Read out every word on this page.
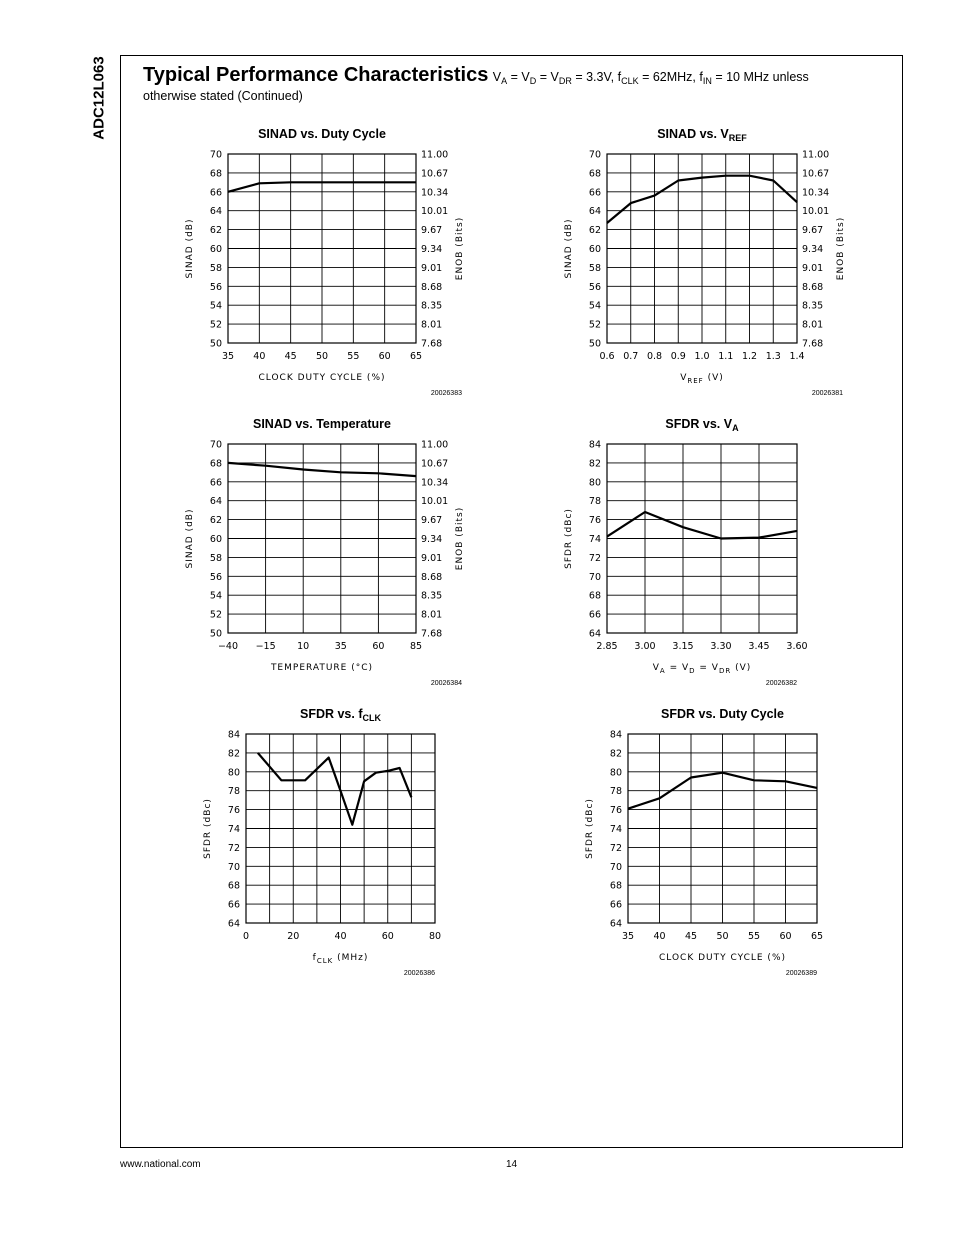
ADC12L063 Typical Performance Characteristics $V_A = V_D = V_{DR} = 3.3V$, $f_{CLK} = 62MHz$, $f_{IN} = 10$ MHz unless
otherwise stated (Continued)
SINAD vs. Duty Cycle
50
52
54
56
58
60
62
64
66
68
70
7.68
8.01
8.35
8.68
9.01
9.34
9.67
10.01
10.34
10.67
11.00
ENOB (Bits)
35 40 45 50 55 60 65
SINAD (dB)
CLOCK DUTY CYCLE (%)
20026383
SINAD vs. $V_{REF}$
50
52
54
56
58
60
62
64
66
68
70
7.68
8.01
8.35
8.68
9.01
9.34
9.67
10.01
10.34
10.67
11.00
ENOB (Bits)
0.6 0.7 0.8 0.9 1.0 1.1 1.2 1.3 1.4
SINAD (dB)
$V_{REF}$ (V)
20026381
SINAD vs. Temperature
50
52
54
56
58
60
62
64
66
68
70
7.68
8.01
8.35
8.68
9.01
9.34
9.67
10.01
10.34
10.67
11.00
ENOB (Bits)
−40 −15 10	35	60	85
SINAD (dB)
TEMPERATURE (°C)
20026384
SFDR vs. $V_A$
64
66
68
70
72
74
76
78
80
82
84
2.85 3.00 3.15 3.30 3.45 3.60
SFDR (dBc)
$V_A = V_D = V_{DR}$ (V)
20026382
SFDR vs. $f_{CLK}$
64
66
68
70
72
74
76
78
80
82
84
0	20	40	60	80
SFDR (dBc)
$f_{CLK}$ (MHz)
20026386
SFDR vs. Duty Cycle
64
66
68
70
72
74
76
78
80
82
84
35 40 45 50 55 60 65
SFDR (dBc)
CLOCK DUTY CYCLE (%)
20026389
www.national.com	14
